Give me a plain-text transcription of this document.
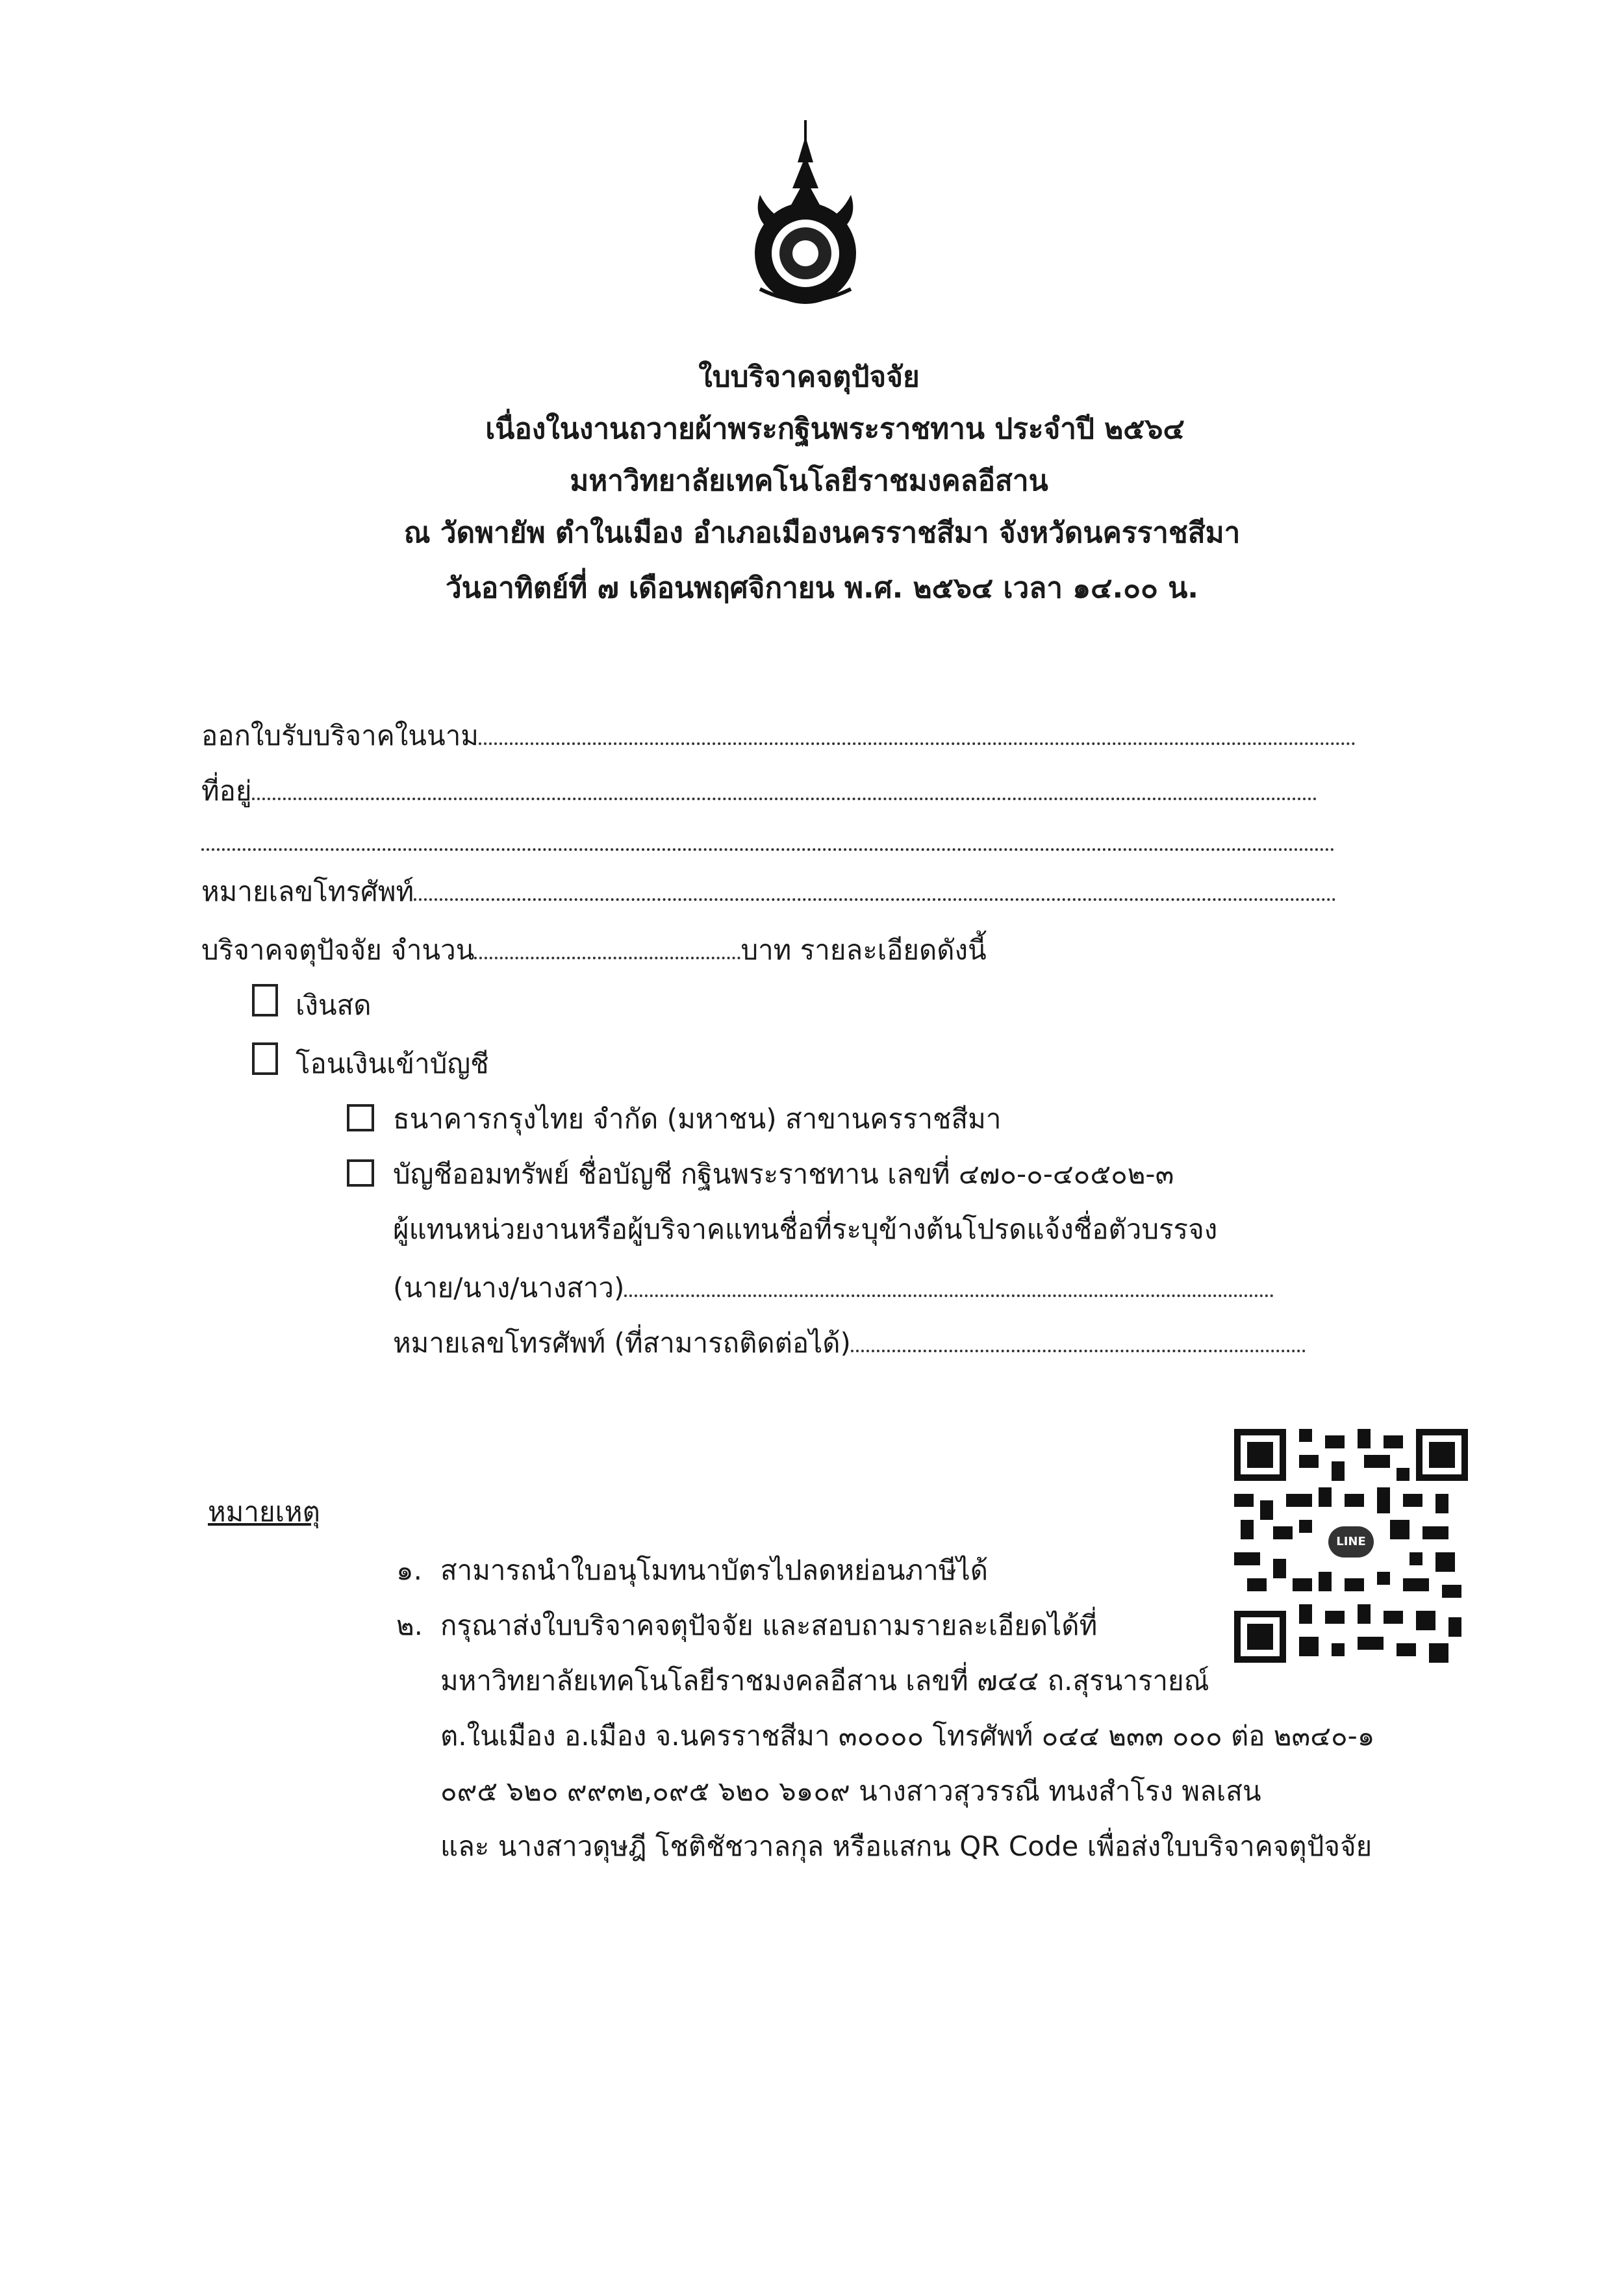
ใบบริจาคจตุปัจจัย
เนื่องในงานถวายผ้าพระกฐินพระราชทาน ประจำปี ๒๕๖๔
มหาวิทยาลัยเทคโนโลยีราชมงคลอีสาน
ณ วัดพายัพ ตำในเมือง อำเภอเมืองนครราชสีมา จังหวัดนครราชสีมา
วันอาทิตย์ที่ ๗ เดือนพฤศจิกายน พ.ศ. ๒๕๖๔ เวลา ๑๔.๐๐ น.
ออกใบรับบริจาคในนาม
ที่อยู่
หมายเลขโทรศัพท์
บริจาคจตุปัจจัย จำนวน	บาท รายละเอียดดังนี้
เงินสด
โอนเงินเข้าบัญชี
ธนาคารกรุงไทย จำกัด (มหาชน) สาขานครราชสีมา
บัญชีออมทรัพย์ ชื่อบัญชี กฐินพระราชทาน เลขที่ ๔๗๐-๐-๔๐๕๐๒-๓
ผู้แทนหน่วยงานหรือผู้บริจาคแทนชื่อที่ระบุข้างต้นโปรดแจ้งชื่อตัวบรรจง
(นาย/นาง/นางสาว)
หมายเลขโทรศัพท์ (ที่สามารถติดต่อได้)
LINE
หมายเหตุ
๑. สามารถนำใบอนุโมทนาบัตรไปลดหย่อนภาษีได้
๒. กรุณาส่งใบบริจาคจตุปัจจัย และสอบถามรายละเอียดได้ที่
มหาวิทยาลัยเทคโนโลยีราชมงคลอีสาน เลขที่ ๗๔๔ ถ.สุรนารายณ์
ต.ในเมือง อ.เมือง จ.นครราชสีมา ๓๐๐๐๐ โทรศัพท์ ๐๔๔ ๒๓๓ ๐๐๐ ต่อ ๒๓๔๐-๑
๐๙๕ ๖๒๐ ๙๙๓๒,๐๙๕ ๖๒๐ ๖๑๐๙ นางสาวสุวรรณี ทนงสำโรง พลเสน
และ นางสาวดุษฎี โชติชัชวาลกุล หรือแสกน QR Code เพื่อส่งใบบริจาคจตุปัจจัย
